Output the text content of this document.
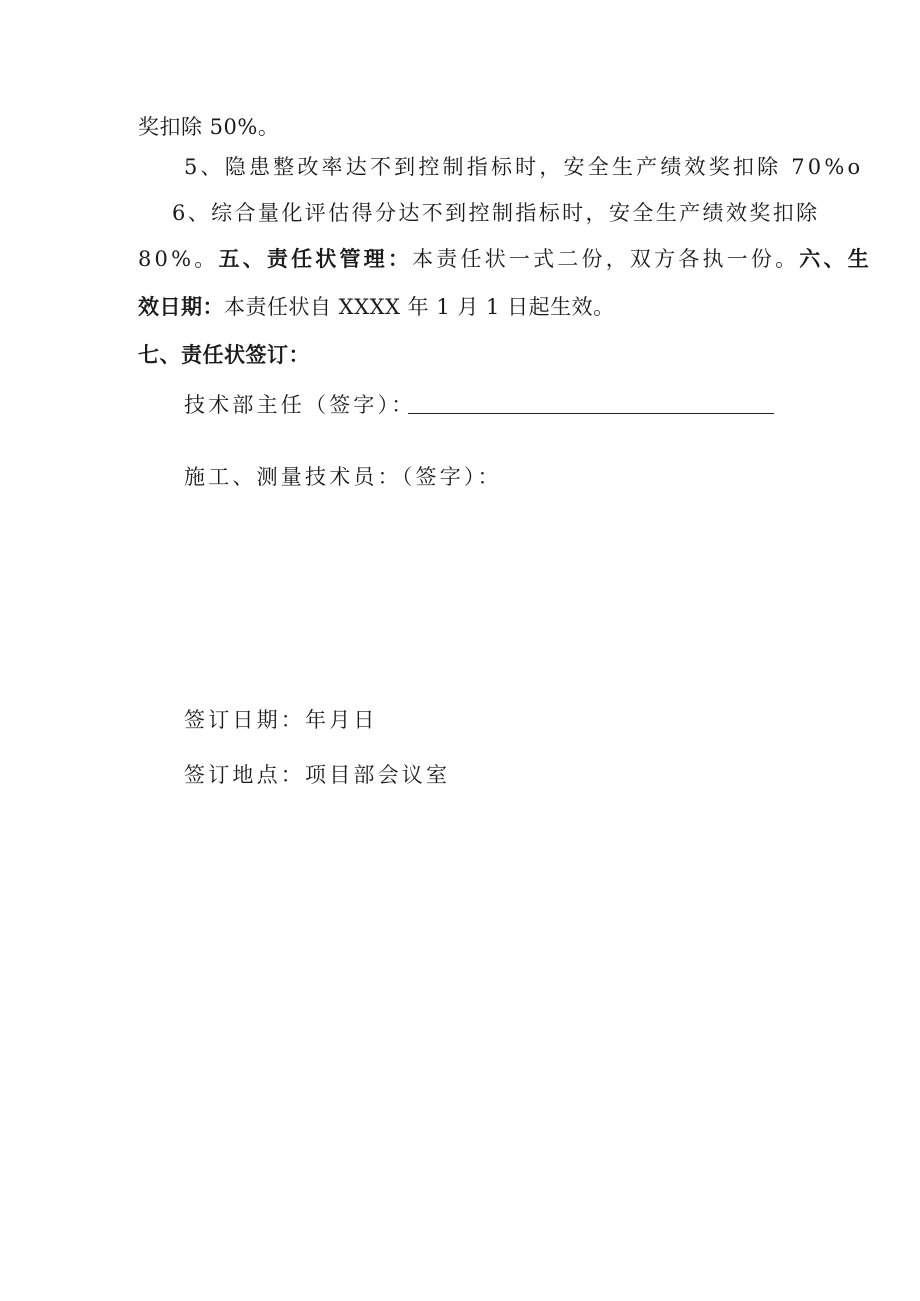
奖扣除 50%。
5、隐患整改率达不到控制指标时，安全生产绩效奖扣除 70%o
6、综合量化评估得分达不到控制指标时，安全生产绩效奖扣除
80%。五、责任状管理：本责任状一式二份，双方各执一份。六、生
效日期：本责任状自 XXXX 年 1 月 1 日起生效。
七、责任状签订：
技术部主任（签字）：
施工、测量技术员：（签字）：
签订日期：年月日
签订地点：项目部会议室
